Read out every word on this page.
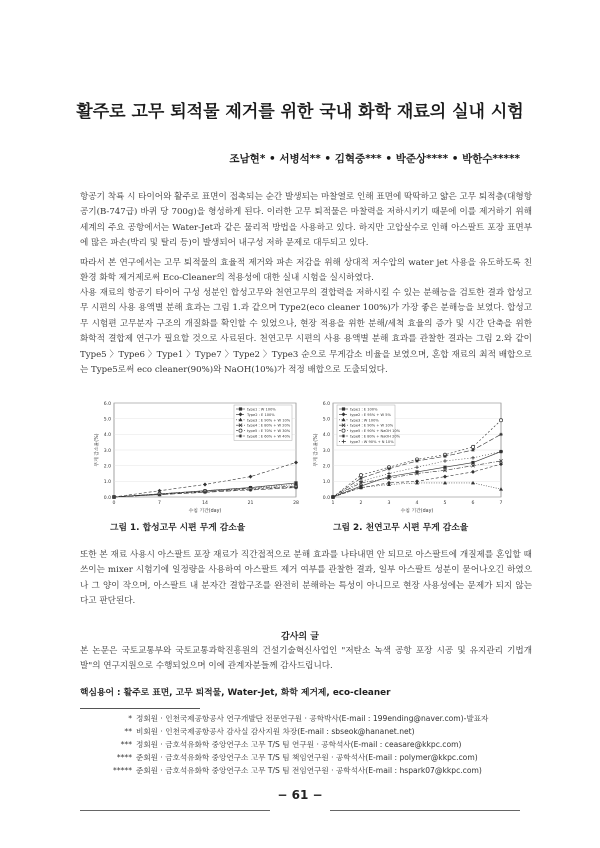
활주로 고무 퇴적물 제거를 위한 국내 화학 재료의 실내 시험
조남현* • 서병석** • 김혁중*** • 박준상**** • 박한수*****

항공기 착륙 시 타이어와 활주로 표면이 접촉되는 순간 발생되는 마찰열로 인해 표면에 딱딱하고 얇은 고무 퇴적층(대형항공기(B-747급) 바퀴 당 700g)을 형성하게 된다. 이러한 고무 퇴적물은 마찰력을 저하시키기 때문에 이를 제거하기 위해 세계의 주요 공항에서는 Water-Jet과 같은 물리적 방법을 사용하고 있다. 하지만 고압살수로 인해 아스팔트 포장 표면부에 많은 파손(박리 및 탈리 등)이 발생되어 내구성 저하 문제로 대두되고 있다.

따라서 본 연구에서는 고무 퇴적물의 효율적 제거와 파손 저감을 위해 상대적 저수압의 water jet 사용을 유도하도록 친환경 화학 제거제로써 Eco-Cleaner의 적용성에 대한 실내 시험을 실시하였다.

사용 재료의 항공기 타이어 구성 성분인 합성고무와 천연고무의 결합력을 저하시킬 수 있는 분해능을 검토한 결과 합성고무 시편의 사용 용액별 분해 효과는 그림 1.과 같으며 Type2(eco cleaner 100%)가 가장 좋은 분해능을 보였다. 합성고무 시험편 고무분자 구조의 개질화를 확인할 수 있었으나, 현장 적용을 위한 분해/세척 효율의 증가 및 시간 단축을 위한 화학적 결합제 연구가 필요할 것으로 사료된다. 천연고무 시편의 사용 용액별 분해 효과를 관찰한 결과는 그림 2.와 같이 Type5 〉Type6 〉Type1 〉Type7 〉Type2 〉Type3 순으로 무게감소 비율을 보였으며, 혼합 재료의 최적 배합으로는 Type5로써 eco cleaner(90%)와 NaOH(10%)가 적정 배합으로 도출되었다.

0.0
1.0
2.0
3.0
4.0
5.0
6.0
0	7	14	21	28
수침 기간(day)
무게 감소율(%)
type1 : W 100%
Type2 : E 100%
type3 : E 90% + W 10%
type4 : E 80% + W 20%
type5 : E 70% + W 30%
type6 : E 60% + W 40%
그림 1. 합성고무 시편 무게 감소율
0.0
1.0
2.0
3.0
4.0
5.0
6.0
1	2	3	4	5	6	7
수침 기간(day)
무게 감소율(%)
type1 : E 100%
type2 : E 95% + W 5%
type3 : W 100%
type4 : E 90% + W 10%
type5 : E 90% + NaOH 10%
type6 : E 80% + NaOH 20%
type7 : W 90% + N 10%
그림 2. 천연고무 시편 무게 감소율

또한 본 재료 사용시 아스팔트 포장 재료가 직간접적으로 분해 효과를 나타내면 안 되므로 아스팔트에 개질제를 혼입할 때 쓰이는 mixer 시험기에 일정량을 사용하여 아스팔트 제거 여부를 관찰한 결과, 일부 아스팔트 성분이 묻어나오긴 하였으나 그 양이 작으며, 아스팔트 내 분자간 결합구조를 완전히 분해하는 특성이 아니므로 현장 사용성에는 문제가 되지 않는다고 판단된다.

감사의 글

본 논문은 국토교통부와 국토교통과학진흥원의 건설기술혁신사업인 "저탄소 녹색 공항 포장 시공 및 유지관리 기법개발"의 연구지원으로 수행되었으며 이에 관계자분들께 감사드립니다.

핵심용어 : 활주로 표면, 고무 퇴적물, Water-Jet, 화학 제거제, eco-cleaner
* 정회원 · 인천국제공항공사 연구개발단 전문연구원 · 공학박사(E-mail : 199ending@naver.com)-발표자
** 비회원 · 인천국제공항공사 감사실 감사지원 차장(E-mail : sbseok@hananet.net)
*** 정회원 · 금호석유화학 중앙연구소 고무 T/S 팀 연구원 · 공학석사(E-mail : ceasare@kkpc.com)
**** 준회원 · 금호석유화학 중앙연구소 고무 T/S 팀 책임연구원 · 공학석사(E-mail : polymer@kkpc.com)
***** 준회원 · 금호석유화학 중앙연구소 고무 T/S 팀 전임연구원 · 공학석사(E-mail : hspark07@kkpc.com)
− 61 −
